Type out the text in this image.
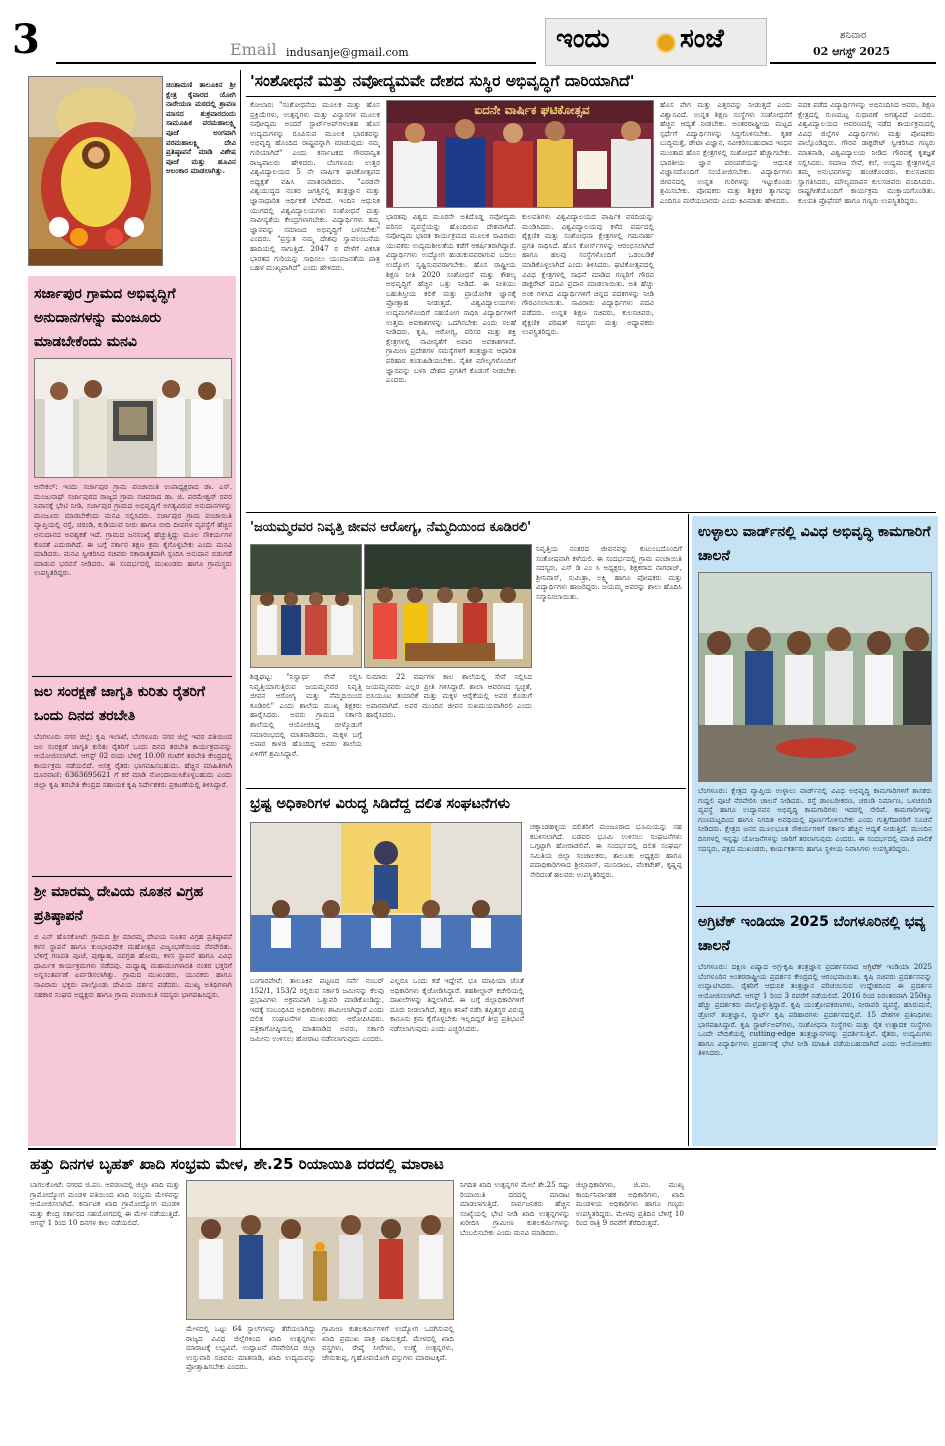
3	Email indusanje@gmail.com	ಇಂದು	ಸಂಜೆ	ಶನಿವಾರ
02 ಆಗಸ್ಟ್ 2025
ಚಿಂತಾಮಣಿ ತಾಲೂಕಿನ ಶ್ರೀ ಕ್ಷೇತ್ರ ಕೈವಾರದ ಯೋಗಿ ನಾರೇಯಣ ಮಠದಲ್ಲಿ ಶ್ರಾವಣ ಮಾಸದ ಶುಕ್ರವಾರದಂದು ಸಾಮೂಹಿಕ ವರಮಹಾಲಕ್ಷ್ಮಿ ಪೂಜೆ ಅಂಗವಾಗಿ ವರಮಹಾಲಕ್ಷ್ಮಿ ದೇವಿ ಪ್ರತಿಷ್ಠಾಪನೆ ಮಾಡಿ ವಿಶೇಷ ಪೂಜೆ ಮತ್ತು ಹೂವಿನ ಅಲಂಕಾರ ಮಾಡಲಾಗಿತ್ತು.
'ಸಂಶೋಧನೆ ಮತ್ತು ನವೋದ್ಯಮವೇ ದೇಶದ ಸುಸ್ಥಿರ ಅಭಿವೃದ್ಧಿಗೆ ದಾರಿಯಾಗಿದೆ'
ಕೋಲಾರ: "ಸಂಶೋಧನೆಯ ಮೂಲಕ ಮತ್ತು ಹೊಸ ಪ್ರಕ್ರಿಯೆಗಳು, ಉತ್ಪನ್ನಗಳು ಮತ್ತು ವಿನ್ಯಾಸಗಳ ಮೂಲಕ ನವೋದ್ಯಮ ಅಂದರೆ ಸ್ಟಾರ್ಟ್‌ಅಪ್‌ಗಳಂತಹ ಹೊಸ ಉದ್ಯಮಗಳನ್ನು ರೂಪಿಸುವ ಮೂಲಕ ಭಾರತವನ್ನು ಅಭಿವೃದ್ಧಿ ಹೊಂದಿದ ರಾಷ್ಟ್ರವನ್ನಾಗಿ ಮಾಡುವುದು ನಮ್ಮ ಗುರಿಯಾಗಿದೆ" ಎಂದು ಕರ್ನಾಟಕದ ಗೌರವಾನ್ವಿತ ರಾಜ್ಯಪಾಲರು ಹೇಳಿದರು. ಬೆಂಗಳೂರು ಉತ್ತರ ವಿಶ್ವವಿದ್ಯಾಲಯದ 5 ನೇ ವಾರ್ಷಿಕ ಘಟಿಕೋತ್ಸವದ ಅಧ್ಯಕ್ಷತೆ ವಹಿಸಿ ಮಾತನಾಡಿದರು. "ಎರಡನೇ ವಿಶ್ವಯುದ್ಧದ ನಂತರ ಜಗತ್ತಿನಲ್ಲಿ ತಂತ್ರಜ್ಞಾನ ಮತ್ತು ಜ್ಞಾನಾಧಾರಿತ ಆರ್ಥಿಕತೆ ಬೆಳೆದಿದೆ. ಇಂದಿನ ಆಧುನಿಕ ಯುಗದಲ್ಲಿ ವಿಶ್ವವಿದ್ಯಾಲಯಗಳು ಸಂಶೋಧನೆ ಮತ್ತು ನಾವೀನ್ಯತೆಯ ಕೇಂದ್ರಗಳಾಗಬೇಕು. ವಿದ್ಯಾರ್ಥಿಗಳು ತಮ್ಮ ಜ್ಞಾನವನ್ನು ಸಮಾಜದ ಅಭಿವೃದ್ಧಿಗೆ ಬಳಸಬೇಕು" ಎಂದರು. "ಪ್ರಸ್ತುತ ನಮ್ಮ ದೇಶವು ಸ್ವಾವಲಂಬನೆಯ ಹಾದಿಯಲ್ಲಿ ಸಾಗುತ್ತಿದೆ. 2047 ರ ವೇಳೆಗೆ ವಿಕಸಿತ ಭಾರತದ ಗುರಿಯನ್ನು ಸಾಧಿಸಲು ಯುವಜನತೆಯ ಪಾತ್ರ ಬಹಳ ಮುಖ್ಯವಾಗಿದೆ" ಎಂದು ಹೇಳಿದರು.
ಐದನೇ ವಾರ್ಷಿಕ ಘಟಿಕೋತ್ಸವ
ಭಾರತವು ವಿಶ್ವದ ಮೂರನೇ ಅತಿದೊಡ್ಡ ನವೋದ್ಯಮ ಪರಿಸರ ವ್ಯವಸ್ಥೆಯನ್ನು ಹೊಂದಿರುವ ದೇಶವಾಗಿದೆ. ನವೋದ್ಯಮ ಭಾರತ ಕಾರ್ಯಕ್ರಮದ ಮೂಲಕ ಸಾವಿರಾರು ಯುವಕರು ಉದ್ಯಮಶೀಲತೆಯ ಕಡೆಗೆ ಆಕರ್ಷಿತರಾಗಿದ್ದಾರೆ. ವಿದ್ಯಾರ್ಥಿಗಳು ಉದ್ಯೋಗ ಹುಡುಕುವವರಾಗುವ ಬದಲು ಉದ್ಯೋಗ ಸೃಷ್ಟಿಸುವವರಾಗಬೇಕು. ಹೊಸ ರಾಷ್ಟ್ರೀಯ ಶಿಕ್ಷಣ ನೀತಿ 2020 ಸಂಶೋಧನೆ ಮತ್ತು ಕೌಶಲ್ಯ ಅಭಿವೃದ್ಧಿಗೆ ಹೆಚ್ಚಿನ ಒತ್ತು ನೀಡಿದೆ. ಈ ನೀತಿಯು ಬಹುಶಿಸ್ತೀಯ ಕಲಿಕೆ ಮತ್ತು ಪ್ರಾಯೋಗಿಕ ಜ್ಞಾನಕ್ಕೆ ಪ್ರೋತ್ಸಾಹ ನೀಡುತ್ತದೆ. ವಿಶ್ವವಿದ್ಯಾಲಯಗಳು ಉದ್ಯಮಗಳೊಂದಿಗೆ ಸಹಯೋಗ ಸಾಧಿಸಿ ವಿದ್ಯಾರ್ಥಿಗಳಿಗೆ ಉತ್ತಮ ಅವಕಾಶಗಳನ್ನು ಒದಗಿಸಬೇಕು ಎಂದು ಸಲಹೆ ನೀಡಿದರು. ಕೃಷಿ, ಆರೋಗ್ಯ, ಪರಿಸರ ಮತ್ತು ಶಕ್ತಿ ಕ್ಷೇತ್ರಗಳಲ್ಲಿ ನಾವೀನ್ಯತೆಗೆ ಅಪಾರ ಅವಕಾಶಗಳಿವೆ. ಗ್ರಾಮೀಣ ಪ್ರದೇಶಗಳ ಸಮಸ್ಯೆಗಳಿಗೆ ತಂತ್ರಜ್ಞಾನ ಆಧಾರಿತ ಪರಿಹಾರ ಕಂಡುಹಿಡಿಯಬೇಕು. ನೈತಿಕ ಮೌಲ್ಯಗಳೊಂದಿಗೆ ಜ್ಞಾನವನ್ನು ಬಳಸಿ ದೇಶದ ಪ್ರಗತಿಗೆ ಕೊಡುಗೆ ನೀಡಬೇಕು ಎಂದರು.
ಕುಲಪತಿಗಳು ವಿಶ್ವವಿದ್ಯಾಲಯದ ವಾರ್ಷಿಕ ವರದಿಯನ್ನು ಮಂಡಿಸಿದರು. ವಿಶ್ವವಿದ್ಯಾಲಯವು ಕಳೆದ ವರ್ಷದಲ್ಲಿ ಶೈಕ್ಷಣಿಕ ಮತ್ತು ಸಂಶೋಧನಾ ಕ್ಷೇತ್ರಗಳಲ್ಲಿ ಗಮನಾರ್ಹ ಪ್ರಗತಿ ಸಾಧಿಸಿದೆ. ಹೊಸ ಕೋರ್ಸ್‌ಗಳನ್ನು ಆರಂಭಿಸಲಾಗಿದೆ ಹಾಗೂ ಹಲವು ಸಂಸ್ಥೆಗಳೊಂದಿಗೆ ಒಡಂಬಡಿಕೆ ಮಾಡಿಕೊಳ್ಳಲಾಗಿದೆ ಎಂದು ತಿಳಿಸಿದರು. ಘಟಿಕೋತ್ಸವದಲ್ಲಿ ವಿವಿಧ ಕ್ಷೇತ್ರಗಳಲ್ಲಿ ಸಾಧನೆ ಮಾಡಿದ ಗಣ್ಯರಿಗೆ ಗೌರವ ಡಾಕ್ಟರೇಟ್ ಪದವಿ ಪ್ರದಾನ ಮಾಡಲಾಯಿತು. ಅತಿ ಹೆಚ್ಚು ಅಂಕ ಗಳಿಸಿದ ವಿದ್ಯಾರ್ಥಿಗಳಿಗೆ ಚಿನ್ನದ ಪದಕಗಳನ್ನು ನೀಡಿ ಗೌರವಿಸಲಾಯಿತು. ಸಾವಿರಾರು ವಿದ್ಯಾರ್ಥಿಗಳು ಪದವಿ ಪಡೆದರು. ಉನ್ನತ ಶಿಕ್ಷಣ ಸಚಿವರು, ಕುಲಸಚಿವರು, ಶೈಕ್ಷಣಿಕ ಪರಿಷತ್ ಸದಸ್ಯರು ಮತ್ತು ಅಧ್ಯಾಪಕರು ಉಪಸ್ಥಿತರಿದ್ದರು.
ಹೊಸ ವೇಗ ಮತ್ತು ಎತ್ತರವನ್ನು ನೀಡುತ್ತದೆ ಎಂದು ವಿಶ್ವಾಸವಿದೆ. ಉನ್ನತ ಶಿಕ್ಷಣ ಸಂಸ್ಥೆಗಳು ಸಂಶೋಧನೆಗೆ ಹೆಚ್ಚಿನ ಆದ್ಯತೆ ನೀಡಬೇಕು. ಅಂತರರಾಷ್ಟ್ರೀಯ ಮಟ್ಟದ ಸ್ಪರ್ಧೆಗೆ ವಿದ್ಯಾರ್ಥಿಗಳನ್ನು ಸಿದ್ಧಗೊಳಿಸಬೇಕು. ಕೃತಕ ಬುದ್ಧಿಮತ್ತೆ, ಡೇಟಾ ವಿಜ್ಞಾನ, ನವೀಕರಿಸಬಹುದಾದ ಇಂಧನ ಮುಂತಾದ ಹೊಸ ಕ್ಷೇತ್ರಗಳಲ್ಲಿ ಸಂಶೋಧನೆ ಹೆಚ್ಚಾಗಬೇಕು. ಭಾರತೀಯ ಜ್ಞಾನ ಪರಂಪರೆಯನ್ನು ಆಧುನಿಕ ವಿಜ್ಞಾನದೊಂದಿಗೆ ಸಂಯೋಜಿಸಬೇಕು. ವಿದ್ಯಾರ್ಥಿಗಳು ಜೀವನದಲ್ಲಿ ಉನ್ನತ ಗುರಿಗಳನ್ನು ಇಟ್ಟುಕೊಂಡು ಶ್ರಮಿಸಬೇಕು. ಪೋಷಕರು ಮತ್ತು ಶಿಕ್ಷಕರ ತ್ಯಾಗವನ್ನು ಎಂದಿಗೂ ಮರೆಯಬಾರದು ಎಂದು ಕಿವಿಮಾತು ಹೇಳಿದರು.
ಪದಕ ಪಡೆದ ವಿದ್ಯಾರ್ಥಿಗಳನ್ನು ಅಭಿನಂದಿಸಿದ ಅವರು, ಶಿಕ್ಷಣ ಕ್ಷೇತ್ರದಲ್ಲಿ ಗುಣಮಟ್ಟ ಸುಧಾರಣೆ ಅಗತ್ಯವಿದೆ ಎಂದರು. ವಿಶ್ವವಿದ್ಯಾಲಯದ ಆವರಣದಲ್ಲಿ ನಡೆದ ಕಾರ್ಯಕ್ರಮದಲ್ಲಿ ವಿವಿಧ ಜಿಲ್ಲೆಗಳ ವಿದ್ಯಾರ್ಥಿಗಳು ಮತ್ತು ಪೋಷಕರು ಪಾಲ್ಗೊಂಡಿದ್ದರು. ಗೌರವ ಡಾಕ್ಟರೇಟ್ ಸ್ವೀಕರಿಸಿದ ಗಣ್ಯರು ಮಾತನಾಡಿ, ವಿಶ್ವವಿದ್ಯಾಲಯ ನೀಡಿದ ಗೌರವಕ್ಕೆ ಕೃತಜ್ಞತೆ ಸಲ್ಲಿಸಿದರು. ಸಮಾಜ ಸೇವೆ, ಕಲೆ, ಉದ್ಯಮ ಕ್ಷೇತ್ರಗಳಲ್ಲಿನ ತಮ್ಮ ಅನುಭವಗಳನ್ನು ಹಂಚಿಕೊಂಡರು. ಕುಲಸಚಿವರು ಸ್ವಾಗತಿಸಿದರು, ಮೌಲ್ಯಮಾಪನ ಕುಲಸಚಿವರು ವಂದಿಸಿದರು. ರಾಷ್ಟ್ರಗೀತೆಯೊಂದಿಗೆ ಕಾರ್ಯಕ್ರಮ ಮುಕ್ತಾಯಗೊಂಡಿತು. ಕುಲಪತಿ ಪ್ರೊಫೆಸರ್ ಹಾಗೂ ಗಣ್ಯರು ಉಪಸ್ಥಿತರಿದ್ದರು.
ಸರ್ಜಾಪುರ ಗ್ರಾಮದ ಅಭಿವೃದ್ಧಿಗೆ ಅನುದಾನಗಳನ್ನು ಮಂಜೂರು ಮಾಡಬೇಕೆಂದು ಮನವಿ
ಆನೇಕಲ್: ಇಂದು ಸರ್ಜಾಪುರ ಗ್ರಾಮ ಪಂಚಾಯಿತಿ ಉಪಾಧ್ಯಕ್ಷರಾದ ಡಾ. ಎಸ್. ಮಂಜುನಾಥ್ ಸರ್ಜಾಪುರದ ರಾಜ್ಯದ ಗ್ರಾಮ ಸಚಿವರಾದ ಡಾ. ಜಿ. ಪರಮೇಶ್ವರ್ ರವರ ನಿವಾಸಕ್ಕೆ ಭೇಟಿ ನೀಡಿ, ಸರ್ಜಾಪುರ ಗ್ರಾಮದ ಅಭಿವೃದ್ಧಿಗೆ ಅಗತ್ಯವಿರುವ ಅನುದಾನಗಳನ್ನು ಮಂಜೂರು ಮಾಡಬೇಕೆಂದು ಮನವಿ ಸಲ್ಲಿಸಿದರು. ಸರ್ಜಾಪುರ ಗ್ರಾಮ ಪಂಚಾಯಿತಿ ವ್ಯಾಪ್ತಿಯಲ್ಲಿ ರಸ್ತೆ, ಚರಂಡಿ, ಕುಡಿಯುವ ನೀರು ಹಾಗೂ ಬೀದಿ ದೀಪಗಳ ವ್ಯವಸ್ಥೆಗೆ ಹೆಚ್ಚಿನ ಅನುದಾನದ ಅವಶ್ಯಕತೆ ಇದೆ. ಗ್ರಾಮದ ಜನಸಂಖ್ಯೆ ಹೆಚ್ಚುತ್ತಿದ್ದು ಮೂಲ ಸೌಕರ್ಯಗಳ ಕೊರತೆ ಎದುರಾಗಿದೆ. ಈ ಬಗ್ಗೆ ಸರ್ಕಾರ ತಕ್ಷಣ ಕ್ರಮ ಕೈಗೊಳ್ಳಬೇಕು ಎಂದು ಮನವಿ ಮಾಡಿದರು. ಮನವಿ ಸ್ವೀಕರಿಸಿದ ಸಚಿವರು ಸಕಾರಾತ್ಮಕವಾಗಿ ಸ್ಪಂದಿಸಿ ಅನುದಾನ ಬಿಡುಗಡೆ ಮಾಡುವ ಭರವಸೆ ನೀಡಿದರು. ಈ ಸಂದರ್ಭದಲ್ಲಿ ಮುಖಂಡರು ಹಾಗೂ ಗ್ರಾಮಸ್ಥರು ಉಪಸ್ಥಿತರಿದ್ದರು.
ಜಲ ಸಂರಕ್ಷಣೆ ಜಾಗೃತಿ ಕುರಿತು ರೈತರಿಗೆ ಒಂದು ದಿನದ ತರಬೇತಿ
ಬೆಂಗಳೂರು ನಗರ ಜಿಲ್ಲೆ: ಕೃಷಿ ಇಲಾಖೆ, ಬೆಂಗಳೂರು ನಗರ ಜಿಲ್ಲೆ ಇವರ ವತಿಯಿಂದ ಜಲ ಸಂರಕ್ಷಣೆ ಜಾಗೃತಿ ಕುರಿತು ರೈತರಿಗೆ ಒಂದು ದಿನದ ತರಬೇತಿ ಕಾರ್ಯಕ್ರಮವನ್ನು ಆಯೋಜಿಸಲಾಗಿದೆ. ಆಗಸ್ಟ್ 02 ರಂದು ಬೆಳಿಗ್ಗೆ 10.00 ಗಂಟೆಗೆ ತರಬೇತಿ ಕೇಂದ್ರದಲ್ಲಿ ಕಾರ್ಯಕ್ರಮ ನಡೆಯಲಿದೆ. ಆಸಕ್ತ ರೈತರು ಭಾಗವಹಿಸಬಹುದು. ಹೆಚ್ಚಿನ ಮಾಹಿತಿಗಾಗಿ ದೂರವಾಣಿ: 6363695621 ಗೆ ಕರೆ ಮಾಡಿ ನೋಂದಾಯಿಸಿಕೊಳ್ಳಬಹುದು ಎಂದು ಜಿಲ್ಲಾ ಕೃಷಿ ತರಬೇತಿ ಕೇಂದ್ರದ ಸಹಾಯಕ ಕೃಷಿ ನಿರ್ದೇಶಕರು ಪ್ರಕಟಣೆಯಲ್ಲಿ ತಿಳಿಸಿದ್ದಾರೆ.
ಶ್ರೀ ಮಾರಮ್ಮ ದೇವಿಯ ನೂತನ ವಿಗ್ರಹ ಪ್ರತಿಷ್ಠಾಪನೆ
ಬಿ ಎನ್ ಹೊಸಕೋಟೆ: ಗ್ರಾಮದ ಶ್ರೀ ಮಾರಮ್ಮ ದೇವಿಯ ನೂತನ ವಿಗ್ರಹ ಪ್ರತಿಷ್ಠಾಪನೆ ಕಳಸ ಸ್ಥಾಪನೆ ಹಾಗೂ ಕುಂಭಾಭಿಷೇಕ ಮಹೋತ್ಸವ ವಿಜೃಂಭಣೆಯಿಂದ ನೆರವೇರಿತು. ಬೆಳಿಗ್ಗೆ ಗಣಪತಿ ಪೂಜೆ, ಪುಣ್ಯಾಹ, ನವಗ್ರಹ ಹೋಮ, ಕಳಸ ಸ್ಥಾಪನೆ ಹಾಗೂ ವಿವಿಧ ಧಾರ್ಮಿಕ ಕಾರ್ಯಕ್ರಮಗಳು ನಡೆದವು. ಮಧ್ಯಾಹ್ನ ಮಹಾಮಂಗಳಾರತಿ ನಂತರ ಭಕ್ತರಿಗೆ ಅನ್ನಸಂತರ್ಪಣೆ ಏರ್ಪಡಿಸಲಾಗಿತ್ತು. ಗ್ರಾಮದ ಮುಖಂಡರು, ಯುವಕರು ಹಾಗೂ ಸಾವಿರಾರು ಭಕ್ತರು ಪಾಲ್ಗೊಂಡು ದೇವಿಯ ದರ್ಶನ ಪಡೆದರು. ಮುಖ್ಯ ಅತಿಥಿಗಳಾಗಿ ಸಹಕಾರ ಸಂಘದ ಅಧ್ಯಕ್ಷರು ಹಾಗೂ ಗ್ರಾಮ ಪಂಚಾಯಿತಿ ಸದಸ್ಯರು ಭಾಗವಹಿಸಿದ್ದರು.
'ಜಯಮ್ಮರವರ ನಿವೃತ್ತಿ ಜೀವನ ಆರೋಗ್ಯ, ನೆಮ್ಮದಿಯಿಂದ ಕೂಡಿರಲಿ'
ಶಿಡ್ಲಘಟ್ಟ: "ನಿಸ್ವಾರ್ಥ ಸೇವೆ ಸಲ್ಲಿಸಿ ನಿವೃತ್ತಿಯಾಗುತ್ತಿರುವ ಜಯಮ್ಮನವರ ನಿವೃತ್ತಿ ಜೀವನ ಆರೋಗ್ಯ ಮತ್ತು ನೆಮ್ಮದಿಯಿಂದ ಕೂಡಿರಲಿ" ಎಂದು ಶಾಲೆಯ ಮುಖ್ಯ ಶಿಕ್ಷಕರು ಹಾರೈಸಿದರು. ಅವರು ಗ್ರಾಮದ ಸರ್ಕಾರಿ ಶಾಲೆಯಲ್ಲಿ ಆಯೋಜಿಸಿದ್ದ ಬೀಳ್ಕೊಡುಗೆ ಸಮಾರಂಭದಲ್ಲಿ ಮಾತನಾಡಿದರು. ಮಕ್ಕಳ ಬಗ್ಗೆ ಅಪಾರ ಕಾಳಜಿ ಹೊಂದಿದ್ದ ಅವರು ಶಾಲೆಯ ಏಳಿಗೆಗೆ ಶ್ರಮಿಸಿದ್ದಾರೆ.
ಸುಮಾರು 22 ವರ್ಷಗಳ ಕಾಲ ಶಾಲೆಯಲ್ಲಿ ಸೇವೆ ಸಲ್ಲಿಸಿದ ಜಯಮ್ಮನವರು ಎಲ್ಲರ ಪ್ರೀತಿ ಗಳಿಸಿದ್ದಾರೆ. ಶಾಲಾ ಆವರಣದ ಸ್ವಚ್ಛತೆ, ಬಿಸಿಯೂಟ ತಯಾರಿಕೆ ಮತ್ತು ಮಕ್ಕಳ ಆರೈಕೆಯಲ್ಲಿ ಅವರ ಕೊಡುಗೆ ಅಪಾರವಾಗಿದೆ. ಅವರ ಮುಂದಿನ ಜೀವನ ಸುಖಮಯವಾಗಿರಲಿ ಎಂದು ಹಾರೈಸಿದರು.
ನಿವೃತ್ತಿಯ ನಂತರದ ಜೀವನವನ್ನು ಕುಟುಂಬದೊಂದಿಗೆ ಸಂತೋಷವಾಗಿ ಕಳೆಯಲಿ. ಈ ಸಂದರ್ಭದಲ್ಲಿ ಗ್ರಾಮ ಪಂಚಾಯಿತಿ ಸದಸ್ಯರು, ಎಸ್ ಡಿ ಎಂ ಸಿ ಅಧ್ಯಕ್ಷರು, ಶಿಕ್ಷಕರಾದ ನಾಗರಾಜ್, ಶ್ರೀನಿವಾಸ್, ಸುಮಿತ್ರಾ, ಲಕ್ಷ್ಮಿ ಹಾಗೂ ಪೋಷಕರು ಮತ್ತು ವಿದ್ಯಾರ್ಥಿಗಳು ಹಾಜರಿದ್ದರು. ಜಯಮ್ಮ ಅವರನ್ನು ಶಾಲು ಹೊದಿಸಿ ಸನ್ಮಾನಿಸಲಾಯಿತು.
ಭ್ರಷ್ಟ ಅಧಿಕಾರಿಗಳ ವಿರುದ್ಧ ಸಿಡಿದೆದ್ದ ದಲಿತ ಸಂಘಟನೆಗಳು
ಬಂಗಾರಪೇಟೆ: ತಾಲೂಕಿನ ಪಟ್ಟಣದ ಸರ್ವೆ ನಂಬರ್ 152/1, 153/2 ರಲ್ಲಿರುವ ಸರ್ಕಾರಿ ಜಮೀನನ್ನು ಕೆಲವು ಪ್ರಭಾವಿಗಳು ಅಕ್ರಮವಾಗಿ ಒತ್ತುವರಿ ಮಾಡಿಕೊಂಡಿದ್ದು, ಇದಕ್ಕೆ ಸಂಬಂಧಿಸಿದ ಅಧಿಕಾರಿಗಳು ಶಾಮೀಲಾಗಿದ್ದಾರೆ ಎಂದು ದಲಿತ ಸಂಘಟನೆಗಳ ಮುಖಂಡರು ಆರೋಪಿಸಿದರು. ಪತ್ರಿಕಾಗೋಷ್ಠಿಯಲ್ಲಿ ಮಾತನಾಡಿದ ಅವರು, ಸರ್ಕಾರಿ ಜಮೀನು ಉಳಿಸಲು ಹೋರಾಟ ನಡೆಸಲಾಗುವುದು ಎಂದರು.
ಎಲ್ಲರೂ ಒಂದು ಕಡೆ ಇದ್ದೇವೆ. ಭೂ ಮಾಫಿಯಾ ಜೊತೆ ಅಧಿಕಾರಿಗಳು ಕೈಜೋಡಿಸಿದ್ದಾರೆ. ತಹಶೀಲ್ದಾರ್ ಕಚೇರಿಯಲ್ಲಿ ದಾಖಲೆಗಳನ್ನು ತಿದ್ದಲಾಗಿದೆ. ಈ ಬಗ್ಗೆ ಜಿಲ್ಲಾಧಿಕಾರಿಗಳಿಗೆ ದೂರು ನೀಡಲಾಗಿದೆ. ತಕ್ಷಣ ತನಿಖೆ ನಡೆಸಿ ತಪ್ಪಿತಸ್ಥರ ವಿರುದ್ಧ ಕಾನೂನು ಕ್ರಮ ಕೈಗೊಳ್ಳಬೇಕು ಇಲ್ಲದಿದ್ದರೆ ತೀವ್ರ ಪ್ರತಿಭಟನೆ ನಡೆಸಲಾಗುವುದು ಎಂದು ಎಚ್ಚರಿಸಿದರು.
ಚಕ್ಕಾಂಡಹಳ್ಳಿಯ ದಲಿತರಿಗೆ ಮಂಜೂರಾದ ಭೂಮಿಯನ್ನು ಸಹ ಕಬಳಿಸಲಾಗಿದೆ. ಬಡವರ ಭೂಮಿ ಉಳಿಸಲು ಸಂಘಟನೆಗಳು ಒಗ್ಗಟ್ಟಾಗಿ ಹೋರಾಡಲಿವೆ. ಈ ಸಂದರ್ಭದಲ್ಲಿ ದಲಿತ ಸಂಘರ್ಷ ಸಮಿತಿಯ ಜಿಲ್ಲಾ ಸಂಚಾಲಕರು, ತಾಲೂಕು ಅಧ್ಯಕ್ಷರು ಹಾಗೂ ಪದಾಧಿಕಾರಿಗಳಾದ ಶ್ರೀನಿವಾಸ್, ಮುನಿರಾಜು, ವೆಂಕಟೇಶ್, ಕೃಷ್ಣಪ್ಪ ಸೇರಿದಂತೆ ಹಲವರು ಉಪಸ್ಥಿತರಿದ್ದರು.
ಉಳ್ಳಾಲು ವಾರ್ಡ್‌ನಲ್ಲಿ ವಿವಿಧ ಅಭಿವೃದ್ಧಿ ಕಾಮಗಾರಿಗೆ ಚಾಲನೆ
ಬೆಂಗಳೂರು: ಕ್ಷೇತ್ರದ ವ್ಯಾಪ್ತಿಯ ಉಳ್ಳಾಲು ವಾರ್ಡ್‌ನಲ್ಲಿ ವಿವಿಧ ಅಭಿವೃದ್ಧಿ ಕಾಮಗಾರಿಗಳಿಗೆ ಶಾಸಕರು ಗುದ್ದಲಿ ಪೂಜೆ ನೆರವೇರಿಸಿ ಚಾಲನೆ ನೀಡಿದರು. ರಸ್ತೆ ಡಾಂಬರೀಕರಣ, ಚರಂಡಿ ನಿರ್ಮಾಣ, ಒಳಚರಂಡಿ ವ್ಯವಸ್ಥೆ ಹಾಗೂ ಉದ್ಯಾನವನ ಅಭಿವೃದ್ಧಿ ಕಾಮಗಾರಿಗಳು ಇದರಲ್ಲಿ ಸೇರಿವೆ. ಕಾಮಗಾರಿಗಳನ್ನು ಗುಣಮಟ್ಟದಿಂದ ಹಾಗೂ ನಿಗದಿತ ಅವಧಿಯಲ್ಲಿ ಪೂರ್ಣಗೊಳಿಸಬೇಕು ಎಂದು ಗುತ್ತಿಗೆದಾರರಿಗೆ ಸೂಚನೆ ನೀಡಿದರು. ಕ್ಷೇತ್ರದ ಜನರ ಮೂಲಭೂತ ಸೌಕರ್ಯಗಳಿಗೆ ಸರ್ಕಾರ ಹೆಚ್ಚಿನ ಆದ್ಯತೆ ನೀಡುತ್ತಿದೆ. ಮುಂದಿನ ದಿನಗಳಲ್ಲಿ ಇನ್ನಷ್ಟು ಯೋಜನೆಗಳನ್ನು ಜಾರಿಗೆ ತರಲಾಗುವುದು ಎಂದರು. ಈ ಸಂದರ್ಭದಲ್ಲಿ ಮಾಜಿ ಪಾಲಿಕೆ ಸದಸ್ಯರು, ಪಕ್ಷದ ಮುಖಂಡರು, ಕಾರ್ಯಕರ್ತರು ಹಾಗೂ ಸ್ಥಳೀಯ ನಿವಾಸಿಗಳು ಉಪಸ್ಥಿತರಿದ್ದರು.
ಅಗ್ರಿಟೆಕ್ ಇಂಡಿಯಾ 2025 ಬೆಂಗಳೂರಿನಲ್ಲಿ ಭವ್ಯ ಚಾಲನೆ
ಬೆಂಗಳೂರು: ದಕ್ಷಿಣ ಏಷ್ಯಾದ ಅಗ್ರ-ಕೃಷಿ ತಂತ್ರಜ್ಞಾನ ಪ್ರದರ್ಶನವಾದ ಅಗ್ರಿಟೆಕ್ ಇಂಡಿಯಾ 2025 ಬೆಂಗಳೂರಿನ ಅಂತರರಾಷ್ಟ್ರೀಯ ಪ್ರದರ್ಶನ ಕೇಂದ್ರದಲ್ಲಿ ಆರಂಭವಾಯಿತು. ಕೃಷಿ ಸಚಿವರು ಪ್ರದರ್ಶನವನ್ನು ಉದ್ಘಾಟಿಸಿದರು. ರೈತರಿಗೆ ಆಧುನಿಕ ತಂತ್ರಜ್ಞಾನ ಪರಿಚಯಿಸುವ ಉದ್ದೇಶದಿಂದ ಈ ಪ್ರದರ್ಶನ ಆಯೋಜಿಸಲಾಗಿದೆ. ಆಗಸ್ಟ್ 1 ರಿಂದ 3 ರವರೆಗೆ ನಡೆಯಲಿದೆ. 2016 ರಿಂದ ನಿರಂತರವಾಗಿ 250ಕ್ಕೂ ಹೆಚ್ಚು ಪ್ರದರ್ಶಕರು ಪಾಲ್ಗೊಳ್ಳುತ್ತಿದ್ದಾರೆ. ಕೃಷಿ ಯಂತ್ರೋಪಕರಣಗಳು, ನೀರಾವರಿ ವ್ಯವಸ್ಥೆ, ಹಸಿರುಮನೆ, ಡ್ರೋನ್ ತಂತ್ರಜ್ಞಾನ, ಸ್ಮಾರ್ಟ್ ಕೃಷಿ ಪರಿಹಾರಗಳು ಪ್ರದರ್ಶನದಲ್ಲಿವೆ. 15 ದೇಶಗಳ ಪ್ರತಿನಿಧಿಗಳು ಭಾಗವಹಿಸಿದ್ದಾರೆ. ಕೃಷಿ ಸ್ಟಾರ್ಟ್‌ಅಪ್‌ಗಳು, ಸಂಶೋಧನಾ ಸಂಸ್ಥೆಗಳು ಮತ್ತು ರೈತ ಉತ್ಪಾದಕ ಸಂಸ್ಥೆಗಳು ಒಂದೇ ವೇದಿಕೆಯಲ್ಲಿ cutting-edge ತಂತ್ರಜ್ಞಾನಗಳನ್ನು ಪ್ರದರ್ಶಿಸುತ್ತಿವೆ. ರೈತರು, ಉದ್ಯಮಿಗಳು ಹಾಗೂ ವಿದ್ಯಾರ್ಥಿಗಳು ಪ್ರದರ್ಶನಕ್ಕೆ ಭೇಟಿ ನೀಡಿ ಮಾಹಿತಿ ಪಡೆಯಬಹುದಾಗಿದೆ ಎಂದು ಆಯೋಜಕರು ತಿಳಿಸಿದರು.
ಹತ್ತು ದಿನಗಳ ಬೃಹತ್ ಖಾದಿ ಸಂಭ್ರಮ ಮೇಳ, ಶೇ.25 ರಿಯಾಯಿತಿ ದರದಲ್ಲಿ ಮಾರಾಟ
ಬಾಗಲಕೋಟೆ: ನಗರದ ಜಿ.ಪಂ. ಆವರಣದಲ್ಲಿ ಜಿಲ್ಲಾ ಖಾದಿ ಮತ್ತು ಗ್ರಾಮೋದ್ಯೋಗ ಮಂಡಳಿ ವತಿಯಿಂದ ಖಾದಿ ಸಂಭ್ರಮ ಮೇಳವನ್ನು ಆಯೋಜಿಸಲಾಗಿದೆ. ಕರ್ನಾಟಕ ಖಾದಿ ಗ್ರಾಮೋದ್ಯೋಗ ಮಂಡಳಿ ಮತ್ತು ಕೇಂದ್ರ ಸರ್ಕಾರದ ಸಹಯೋಗದಲ್ಲಿ ಈ ಮೇಳ ನಡೆಯುತ್ತಿದೆ. ಆಗಸ್ಟ್ 1 ರಿಂದ 10 ದಿನಗಳ ಕಾಲ ನಡೆಯಲಿದೆ.
ಮೇಳದಲ್ಲಿ ಒಟ್ಟು 64 ಸ್ಟಾಲ್‌ಗಳನ್ನು ತೆರೆಯಲಾಗಿದ್ದು ರಾಜ್ಯದ ವಿವಿಧ ಜಿಲ್ಲೆಗಳಿಂದ ಖಾದಿ ಉತ್ಪನ್ನಗಳು ಮಾರಾಟಕ್ಕೆ ಲಭ್ಯವಿವೆ. ಉದ್ಘಾಟನೆ ನೆರವೇರಿಸಿದ ಜಿಲ್ಲಾ ಉಸ್ತುವಾರಿ ಸಚಿವರು ಮಾತನಾಡಿ, ಖಾದಿ ಉದ್ಯಮವನ್ನು ಪ್ರೋತ್ಸಾಹಿಸಬೇಕು ಎಂದರು.
ಗ್ರಾಮೀಣ ಕುಶಲಕರ್ಮಿಗಳಿಗೆ ಉದ್ಯೋಗ ಒದಗಿಸುವಲ್ಲಿ ಖಾದಿ ಪ್ರಮುಖ ಪಾತ್ರ ವಹಿಸುತ್ತದೆ. ಮೇಳದಲ್ಲಿ ಖಾದಿ ವಸ್ತ್ರಗಳು, ರೇಷ್ಮೆ ಸೀರೆಗಳು, ಉಣ್ಣೆ ಉತ್ಪನ್ನಗಳು, ಜೇನುತುಪ್ಪ, ಗೃಹೋಪಯೋಗಿ ವಸ್ತುಗಳು ಮಾರಾಟಕ್ಕಿವೆ.
ನಿಗದಿತ ಖಾದಿ ಉತ್ಪನ್ನಗಳ ಮೇಲೆ ಶೇ.25 ರಷ್ಟು ರಿಯಾಯಿತಿ ದರದಲ್ಲಿ ಮಾರಾಟ ಮಾಡಲಾಗುತ್ತಿದೆ. ಸಾರ್ವಜನಿಕರು ಹೆಚ್ಚಿನ ಸಂಖ್ಯೆಯಲ್ಲಿ ಭೇಟಿ ನೀಡಿ ಖಾದಿ ಉತ್ಪನ್ನಗಳನ್ನು ಖರೀದಿಸಿ ಗ್ರಾಮೀಣ ಕುಶಲಕರ್ಮಿಗಳನ್ನು ಬೆಂಬಲಿಸಬೇಕು ಎಂದು ಮನವಿ ಮಾಡಿದರು.
ಜಿಲ್ಲಾಧಿಕಾರಿಗಳು, ಜಿ.ಪಂ. ಮುಖ್ಯ ಕಾರ್ಯನಿರ್ವಾಹಕ ಅಧಿಕಾರಿಗಳು, ಖಾದಿ ಮಂಡಳಿಯ ಅಧಿಕಾರಿಗಳು ಹಾಗೂ ಗಣ್ಯರು ಉಪಸ್ಥಿತರಿದ್ದರು. ಮೇಳವು ಪ್ರತಿದಿನ ಬೆಳಿಗ್ಗೆ 10 ರಿಂದ ರಾತ್ರಿ 9 ರವರೆಗೆ ತೆರೆದಿರುತ್ತದೆ.
